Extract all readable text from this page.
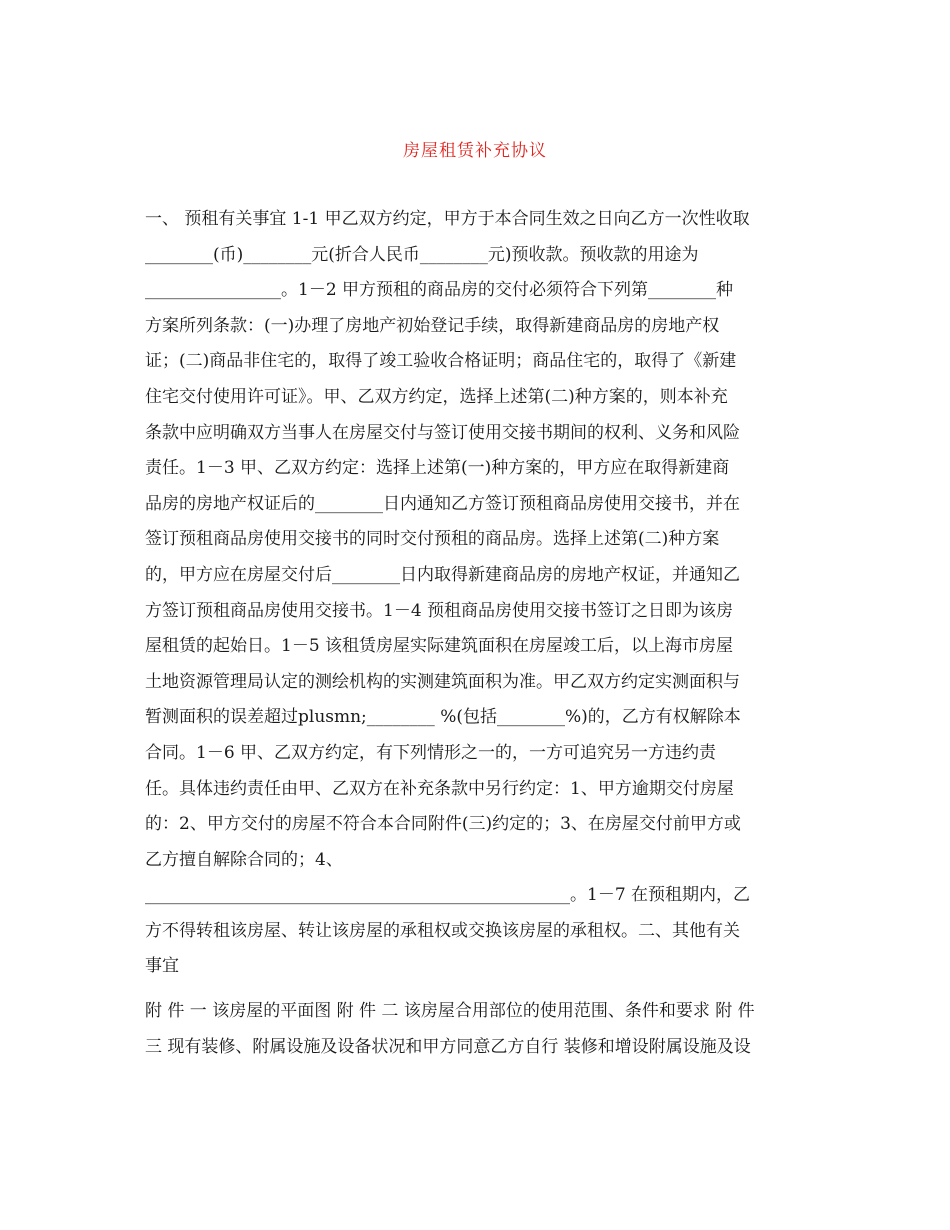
房屋租赁补充协议
一、 预租有关事宜 1-1 甲乙双方约定，甲方于本合同生效之日向乙方一次性收取
________(币)________元(折合人民币________元)预收款。预收款的用途为
________________。1－2 甲方预租的商品房的交付必须符合下列第________种
方案所列条款：(一)办理了房地产初始登记手续，取得新建商品房的房地产权
证；(二)商品非住宅的，取得了竣工验收合格证明；商品住宅的，取得了《新建
住宅交付使用许可证》。甲、乙双方约定，选择上述第(二)种方案的，则本补充
条款中应明确双方当事人在房屋交付与签订使用交接书期间的权利、义务和风险
责任。1－3 甲、乙双方约定：选择上述第(一)种方案的，甲方应在取得新建商
品房的房地产权证后的________日内通知乙方签订预租商品房使用交接书，并在
签订预租商品房使用交接书的同时交付预租的商品房。选择上述第(二)种方案
的，甲方应在房屋交付后________日内取得新建商品房的房地产权证，并通知乙
方签订预租商品房使用交接书。1－4 预租商品房使用交接书签订之日即为该房
屋租赁的起始日。1－5 该租赁房屋实际建筑面积在房屋竣工后，以上海市房屋
土地资源管理局认定的测绘机构的实测建筑面积为准。甲乙双方约定实测面积与
暂测面积的误差超过plusmn;________ %(包括________%)的，乙方有权解除本
合同。1－6 甲、乙双方约定，有下列情形之一的，一方可追究另一方违约责
任。具体违约责任由甲、乙双方在补充条款中另行约定：1、甲方逾期交付房屋
的：2、甲方交付的房屋不符合本合同附件(三)约定的；3、在房屋交付前甲方或
乙方擅自解除合同的；4、
__________________________________________________。1－7 在预租期内，乙
方不得转租该房屋、转让该房屋的承租权或交换该房屋的承租权。二、其他有关
事宜
附 件 一 该房屋的平面图 附 件 二 该房屋合用部位的使用范围、条件和要求 附 件
三 现有装修、附属设施及设备状况和甲方同意乙方自行 装修和增设附属设施及设
